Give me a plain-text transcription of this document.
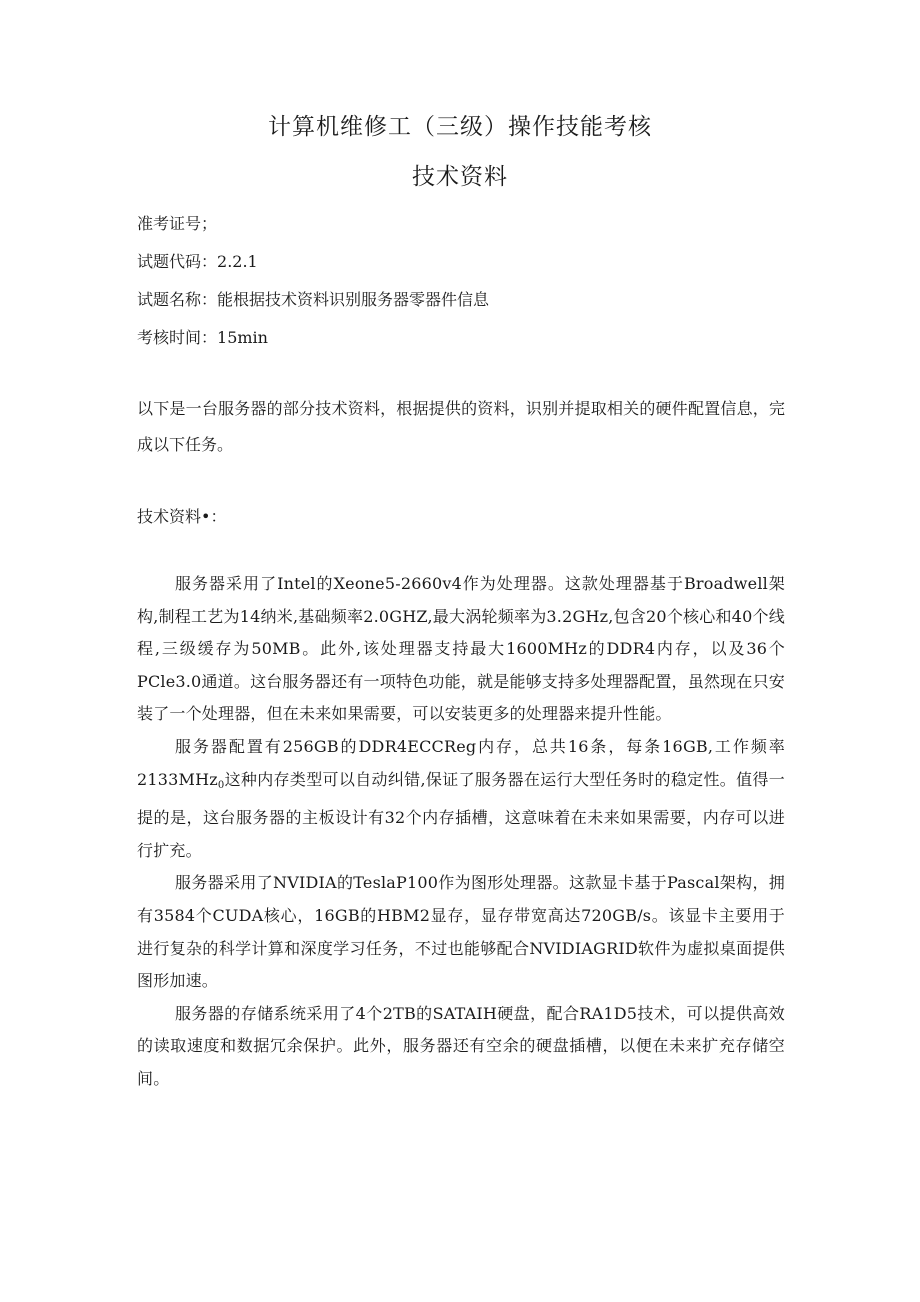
计算机维修工（三级）操作技能考核
技术资料
准考证号；
试题代码：2.2.1
试题名称：能根据技术资料识别服务器零器件信息
考核时间：15min

以下是一台服务器的部分技术资料，根据提供的资料，识别并提取相关的硬件配置信息，完成以下任务。

技术资料•：

服务器采用了Intel的Xeone5-2660v4作为处理器。这款处理器基于Broadwell架构,制程工艺为14纳米,基础频率2.0GHZ,最大涡轮频率为3.2GHz,包含20个核心和40个线程,三级缓存为50MB。此外,该处理器支持最大1600MHz的DDR4内存，以及36个PCle3.0通道。这台服务器还有一项特色功能，就是能够支持多处理器配置，虽然现在只安装了一个处理器，但在未来如果需要，可以安装更多的处理器来提升性能。

服务器配置有256GB的DDR4ECCReg内存，总共16条，每条16GB,工作频率2133MHz$_0$这种内存类型可以自动纠错,保证了服务器在运行大型任务时的稳定性。值得一提的是，这台服务器的主板设计有32个内存插槽，这意味着在未来如果需要，内存可以进行扩充。

服务器采用了NVIDIA的TeslaP100作为图形处理器。这款显卡基于Pascal架构，拥有3584个CUDA核心，16GB的HBM2显存，显存带宽高达720GB/s。该显卡主要用于进行复杂的科学计算和深度学习任务，不过也能够配合NVIDIAGRID软件为虚拟桌面提供图形加速。

服务器的存储系统采用了4个2TB的SATAIH硬盘，配合RA1D5技术，可以提供高效的读取速度和数据冗余保护。此外，服务器还有空余的硬盘插槽，以便在未来扩充存储空间。
